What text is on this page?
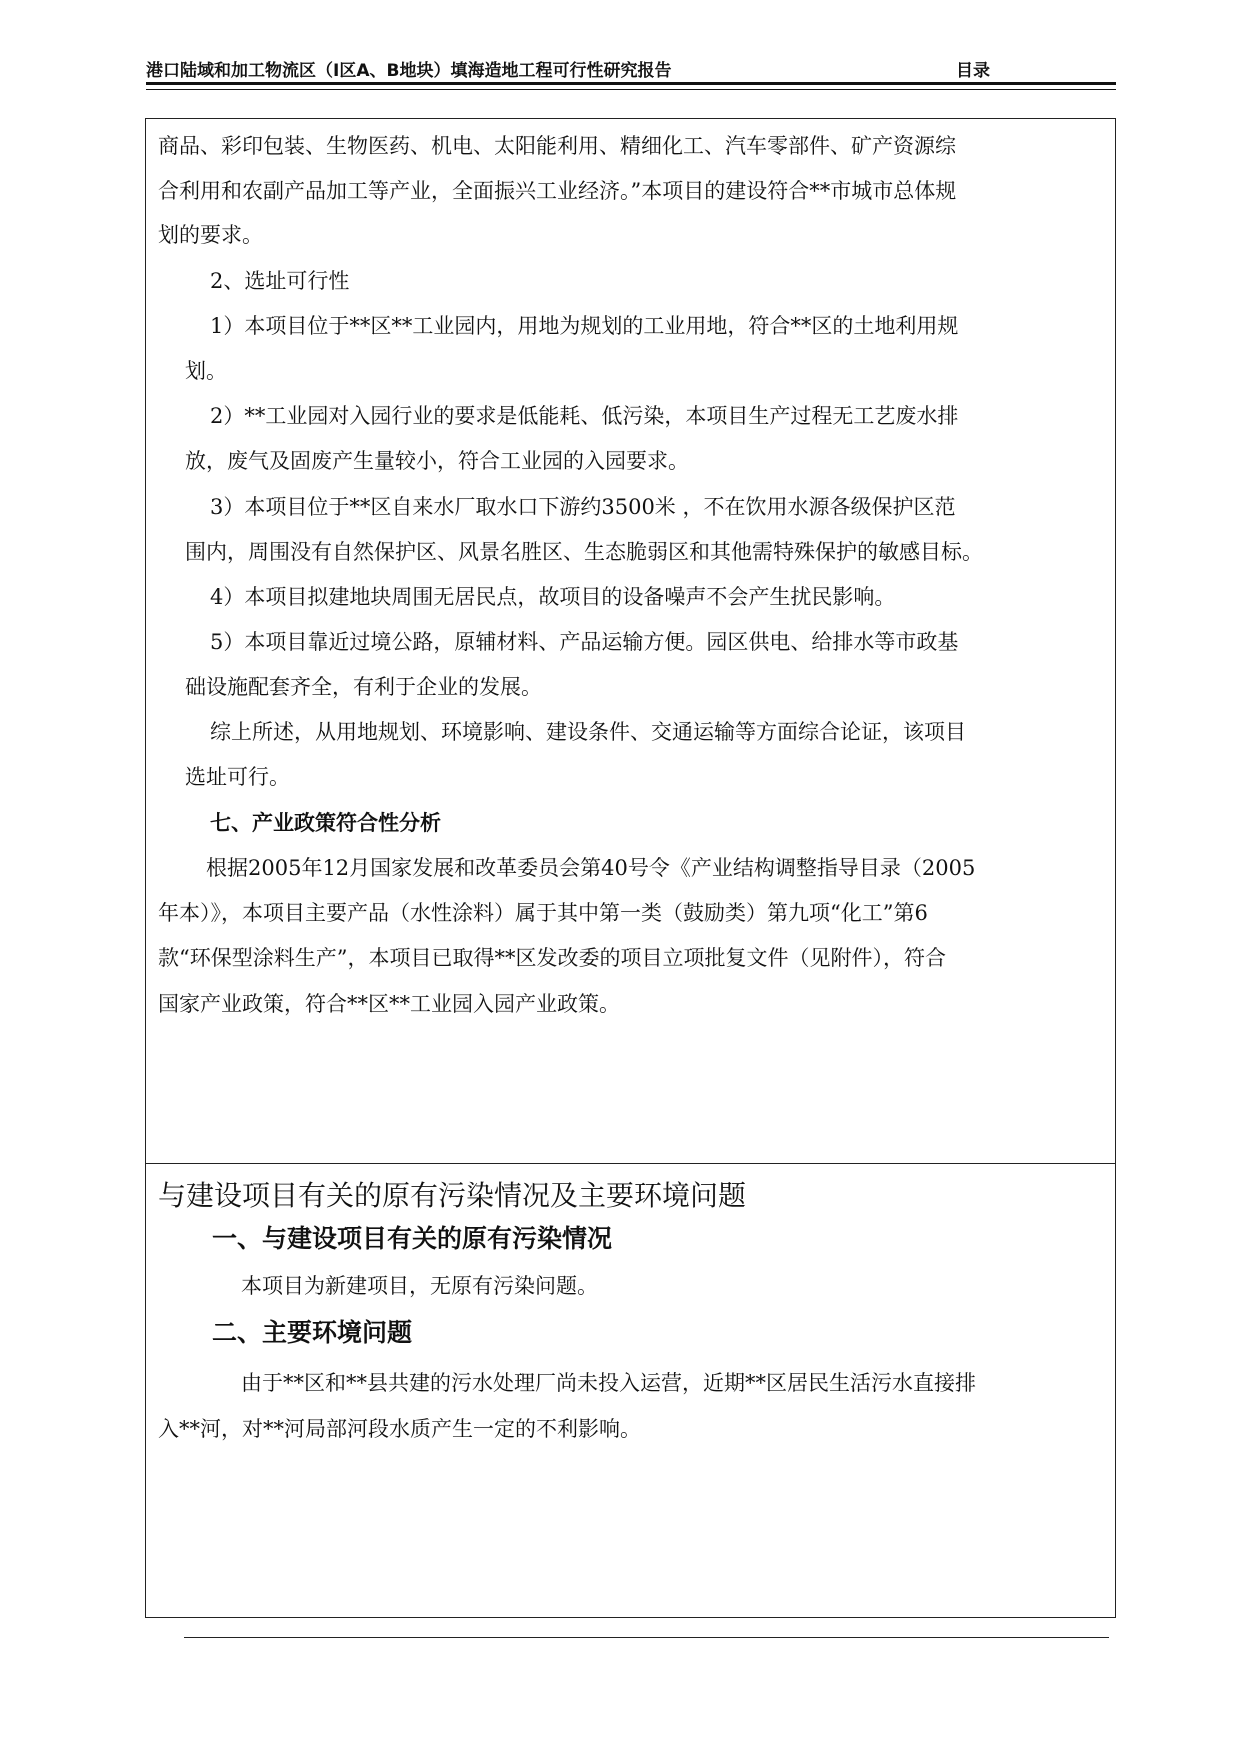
港口陆域和加工物流区（Ⅰ区A、B地块）填海造地工程可行性研究报告	目录
商品、彩印包装、生物医药、机电、太阳能利用、精细化工、汽车零部件、矿产资源综
合利用和农副产品加工等产业，全面振兴工业经济。”本项目的建设符合**市城市总体规
划的要求。
2、选址可行性
1）本项目位于**区**工业园内，用地为规划的工业用地，符合**区的土地利用规
划。
2）**工业园对入园行业的要求是低能耗、低污染，本项目生产过程无工艺废水排
放，废气及固废产生量较小，符合工业园的入园要求。
3）本项目位于**区自来水厂取水口下游约3500米 ，不在饮用水源各级保护区范
围内，周围没有自然保护区、风景名胜区、生态脆弱区和其他需特殊保护的敏感目标。
4）本项目拟建地块周围无居民点，故项目的设备噪声不会产生扰民影响。
5）本项目靠近过境公路，原辅材料、产品运输方便。园区供电、给排水等市政基
础设施配套齐全，有利于企业的发展。
综上所述，从用地规划、环境影响、建设条件、交通运输等方面综合论证，该项目
选址可行。
七、产业政策符合性分析
根据2005年12月国家发展和改革委员会第40号令《产业结构调整指导目录（2005
年本）》，本项目主要产品（水性涂料）属于其中第一类（鼓励类）第九项“化工”第6
款“环保型涂料生产”，本项目已取得**区发改委的项目立项批复文件（见附件），符合
国家产业政策，符合**区**工业园入园产业政策。
与建设项目有关的原有污染情况及主要环境问题
一、与建设项目有关的原有污染情况
本项目为新建项目，无原有污染问题。
二、主要环境问题
由于**区和**县共建的污水处理厂尚未投入运营，近期**区居民生活污水直接排
入**河，对**河局部河段水质产生一定的不利影响。
